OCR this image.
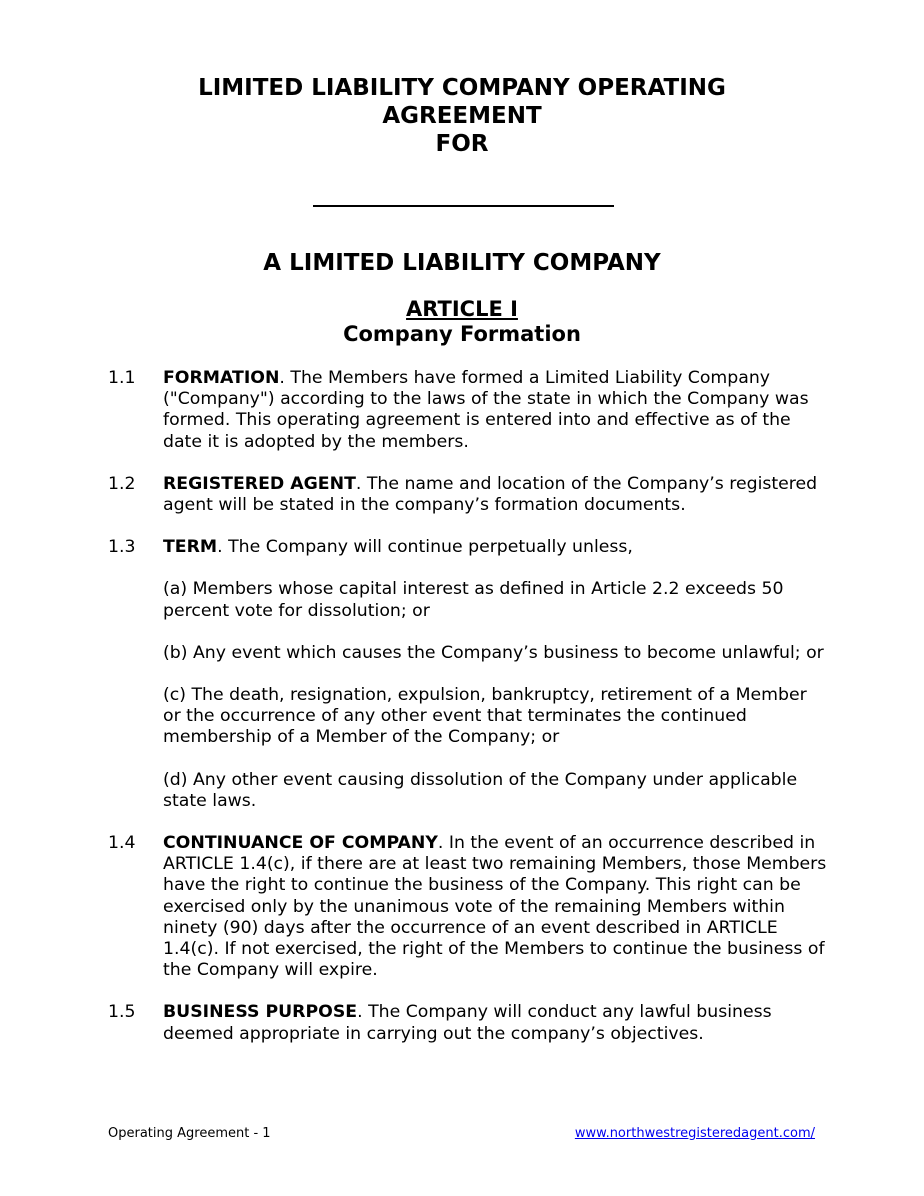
LIMITED LIABILITY COMPANY OPERATING
AGREEMENT
FOR
A LIMITED LIABILITY COMPANY
ARTICLE I
Company Formation
1.1	FORMATION. The Members have formed a Limited Liability Company ("Company") according to the laws of the state in which the Company was formed. This operating agreement is entered into and effective as of the date it is adopted by the members.
1.2	REGISTERED AGENT. The name and location of the Company’s registered agent will be stated in the company’s formation documents.
1.3	TERM. The Company will continue perpetually unless,
(a) Members whose capital interest as defined in Article 2.2 exceeds 50 percent vote for dissolution; or
(b) Any event which causes the Company’s business to become unlawful; or
(c) The death, resignation, expulsion, bankruptcy, retirement of a Member or the occurrence of any other event that terminates the continued membership of a Member of the Company; or
(d) Any other event causing dissolution of the Company under applicable state laws.
1.4	CONTINUANCE OF COMPANY. In the event of an occurrence described in ARTICLE 1.4(c), if there are at least two remaining Members, those Members have the right to continue the business of the Company. This right can be exercised only by the unanimous vote of the remaining Members within ninety (90) days after the occurrence of an event described in ARTICLE 1.4(c). If not exercised, the right of the Members to continue the business of the Company will expire.
1.5	BUSINESS PURPOSE. The Company will conduct any lawful business deemed appropriate in carrying out the company’s objectives.
Operating Agreement - 1	www.northwestregisteredagent.com/
